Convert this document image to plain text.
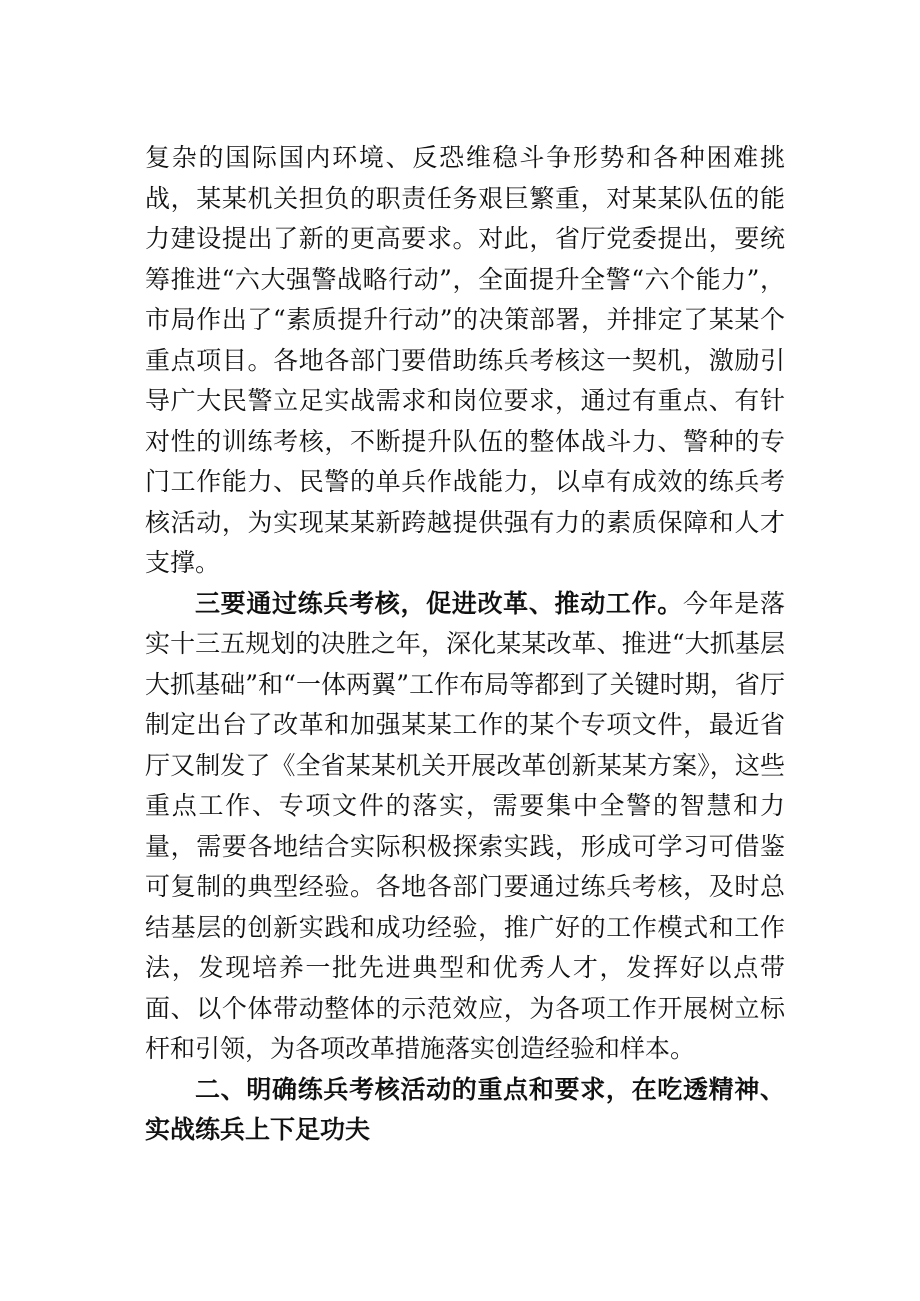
复杂的国际国内环境、反恐维稳斗争形势和各种困难挑战，某某机关担负的职责任务艰巨繁重，对某某队伍的能力建设提出了新的更高要求。对此，省厅党委提出，要统筹推进“六大强警战略行动”，全面提升全警“六个能力”，市局作出了“素质提升行动”的决策部署，并排定了某某个重点项目。各地各部门要借助练兵考核这一契机，激励引导广大民警立足实战需求和岗位要求，通过有重点、有针对性的训练考核，不断提升队伍的整体战斗力、警种的专门工作能力、民警的单兵作战能力，以卓有成效的练兵考核活动，为实现某某新跨越提供强有力的素质保障和人才支撑。

三要通过练兵考核，促进改革、推动工作。今年是落实十三五规划的决胜之年，深化某某改革、推进“大抓基层大抓基础”和“一体两翼”工作布局等都到了关键时期，省厅制定出台了改革和加强某某工作的某个专项文件，最近省厅又制发了《全省某某机关开展改革创新某某方案》，这些重点工作、专项文件的落实，需要集中全警的智慧和力量，需要各地结合实际积极探索实践，形成可学习可借鉴可复制的典型经验。各地各部门要通过练兵考核，及时总结基层的创新实践和成功经验，推广好的工作模式和工作法，发现培养一批先进典型和优秀人才，发挥好以点带面、以个体带动整体的示范效应，为各项工作开展树立标杆和引领，为各项改革措施落实创造经验和样本。

二、明确练兵考核活动的重点和要求，在吃透精神、实战练兵上下足功夫
